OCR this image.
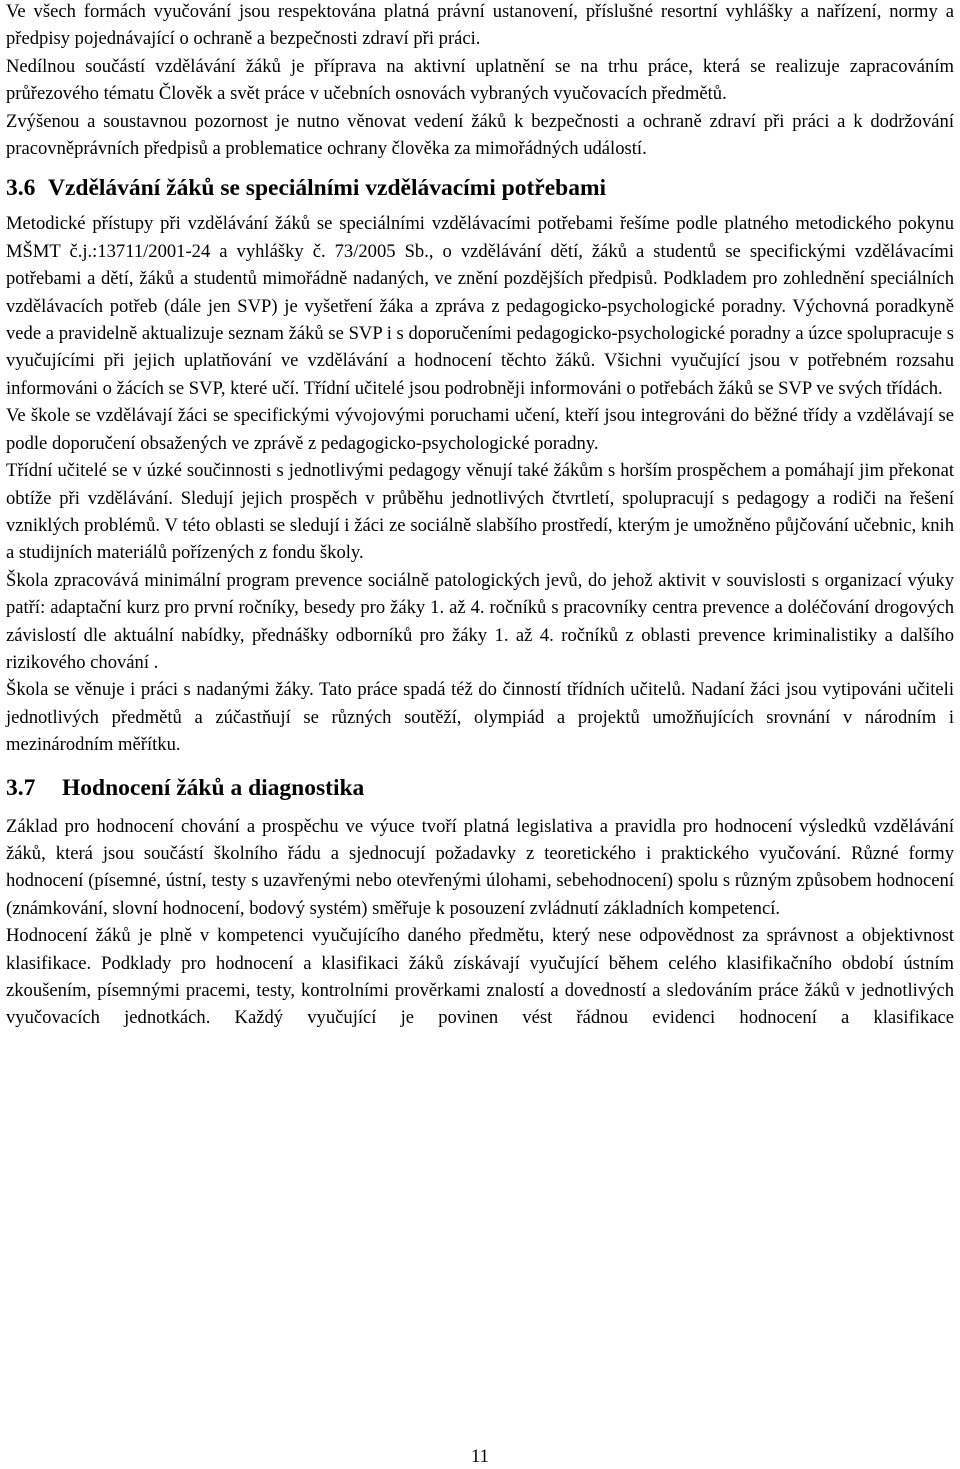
Ve všech formách vyučování jsou respektována platná právní ustanovení, příslušné resortní vyhlášky a nařízení, normy a předpisy pojednávající o ochraně a bezpečnosti zdraví při práci.

Nedílnou součástí vzdělávání žáků je příprava na aktivní uplatnění se na trhu práce, která se realizuje zapracováním průřezového tématu Člověk a svět práce v učebních osnovách vybraných vyučovacích předmětů.

Zvýšenou a soustavnou pozornost je nutno věnovat vedení žáků k bezpečnosti a ochraně zdraví při práci a k dodržování pracovněprávních předpisů a problematice ochrany člověka za mimořádných událostí.

3.6 Vzdělávání žáků se speciálními vzdělávacími potřebami

Metodické přístupy při vzdělávání žáků se speciálními vzdělávacími potřebami řešíme podle platného metodického pokynu MŠMT č.j.:13711/2001-24 a vyhlášky č. 73/2005 Sb., o vzdělávání dětí, žáků a studentů se specifickými vzdělávacími potřebami a dětí, žáků a studentů mimořádně nadaných, ve znění pozdějších předpisů. Podkladem pro zohlednění speciálních vzdělávacích potřeb (dále jen SVP) je vyšetření žáka a zpráva z pedagogicko-psychologické poradny. Výchovná poradkyně vede a pravidelně aktualizuje seznam žáků se SVP i s doporučeními pedagogicko-psychologické poradny a úzce spolupracuje s vyučujícími při jejich uplatňování ve vzdělávání a hodnocení těchto žáků. Všichni vyučující jsou v potřebném rozsahu informováni o žácích se SVP, které učí. Třídní učitelé jsou podrobněji informováni o potřebách žáků se SVP ve svých třídách.

Ve škole se vzdělávají žáci se specifickými vývojovými poruchami učení, kteří jsou integrováni do běžné třídy a vzdělávají se podle doporučení obsažených ve zprávě z pedagogicko-psychologické poradny.

Třídní učitelé se v úzké součinnosti s jednotlivými pedagogy věnují také žákům s horším prospěchem a pomáhají jim překonat obtíže při vzdělávání. Sledují jejich prospěch v průběhu jednotlivých čtvrtletí, spolupracují s pedagogy a rodiči na řešení vzniklých problémů. V této oblasti se sledují i žáci ze sociálně slabšího prostředí, kterým je umožněno půjčování učebnic, knih a studijních materiálů pořízených z fondu školy.

Škola zpracovává minimální program prevence sociálně patologických jevů, do jehož aktivit v souvislosti s organizací výuky patří: adaptační kurz pro první ročníky, besedy pro žáky 1. až 4. ročníků s pracovníky centra prevence a doléčování drogových závislostí dle aktuální nabídky, přednášky odborníků pro žáky 1. až 4. ročníků z oblasti prevence kriminalistiky a dalšího rizikového chování .

Škola se věnuje i práci s nadanými žáky. Tato práce spadá též do činností třídních učitelů. Nadaní žáci jsou vytipováni učiteli jednotlivých předmětů a zúčastňují se různých soutěží, olympiád a projektů umožňujících srovnání v národním i mezinárodním měřítku.

3.7 Hodnocení žáků a diagnostika

Základ pro hodnocení chování a prospěchu ve výuce tvoří platná legislativa a pravidla pro hodnocení výsledků vzdělávání žáků, která jsou součástí školního řádu a sjednocují požadavky z teoretického i praktického vyučování. Různé formy hodnocení (písemné, ústní, testy s uzavřenými nebo otevřenými úlohami, sebehodnocení) spolu s různým způsobem hodnocení (známkování, slovní hodnocení, bodový systém) směřuje k posouzení zvládnutí základních kompetencí.

Hodnocení žáků je plně v kompetenci vyučujícího daného předmětu, který nese odpovědnost za správnost a objektivnost klasifikace. Podklady pro hodnocení a klasifikaci žáků získávají vyučující během celého klasifikačního období ústním zkoušením, písemnými pracemi, testy, kontrolními prověrkami znalostí a dovedností a sledováním práce žáků v jednotlivých vyučovacích jednotkách. Každý vyučující je povinen vést řádnou evidenci hodnocení a klasifikace

11
